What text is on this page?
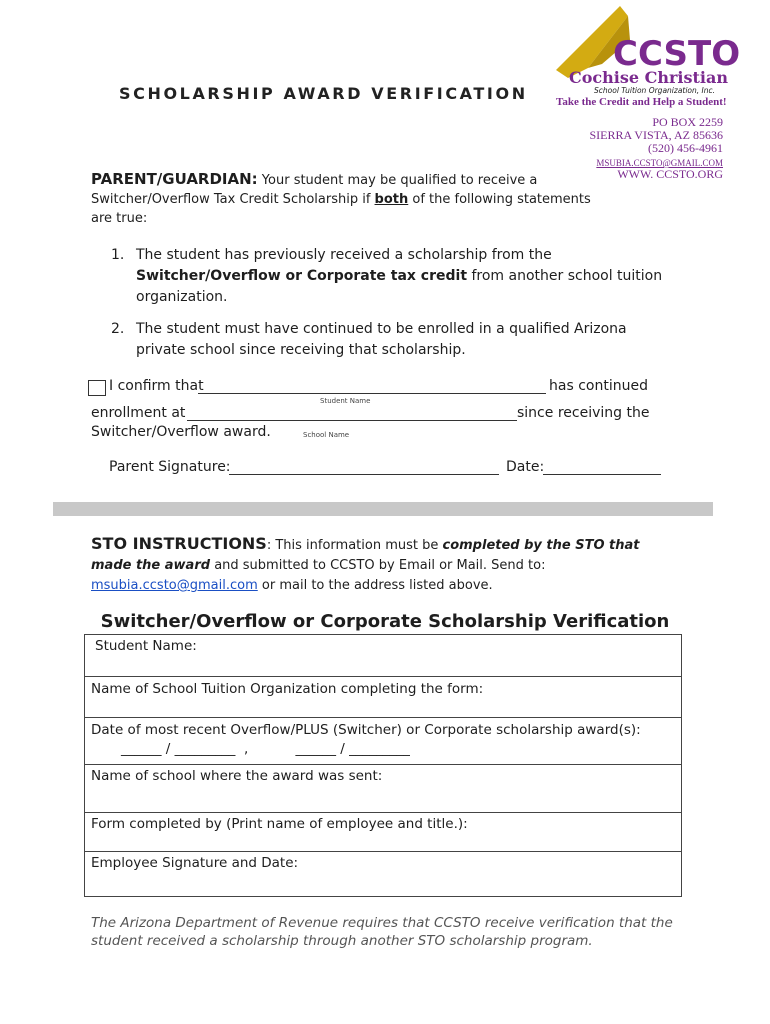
SCHOLARSHIP AWARD VERIFICATION
CCSTO
Cochise Christian
School Tuition Organization, Inc.
Take the Credit and Help a Student!
PO BOX 2259
SIERRA VISTA, AZ 85636
(520) 456-4961
MSUBIA.CCSTO@GMAIL.COM
WWW. CCSTO.ORG
PARENT/GUARDIAN: Your student may be qualified to receive a Switcher/Overflow Tax Credit Scholarship if both of the following statements are true:
1. The student has previously received a scholarship from the Switcher/Overflow or Corporate tax credit from another school tuition organization.
2. The student must have continued to be enrolled in a qualified Arizona private school since receiving that scholarship.
I confirm that	has continued
Student Name
enrollment at	since receiving the
Switcher/Overflow award.	School Name
Parent Signature:	Date:
STO INSTRUCTIONS: This information must be completed by the STO that made the award and submitted to CCSTO by Email or Mail. Send to: msubia.ccsto@gmail.com or mail to the address listed above.
Switcher/Overflow or Corporate Scholarship Verification
Student Name:
Name of School Tuition Organization completing the form:
Date of most recent Overflow/PLUS (Switcher) or Corporate scholarship award(s):
______ / _________  ,           ______ / _________
Name of school where the award was sent:
Form completed by (Print name of employee and title.):
Employee Signature and Date:
The Arizona Department of Revenue requires that CCSTO receive verification that the student received a scholarship through another STO scholarship program.
